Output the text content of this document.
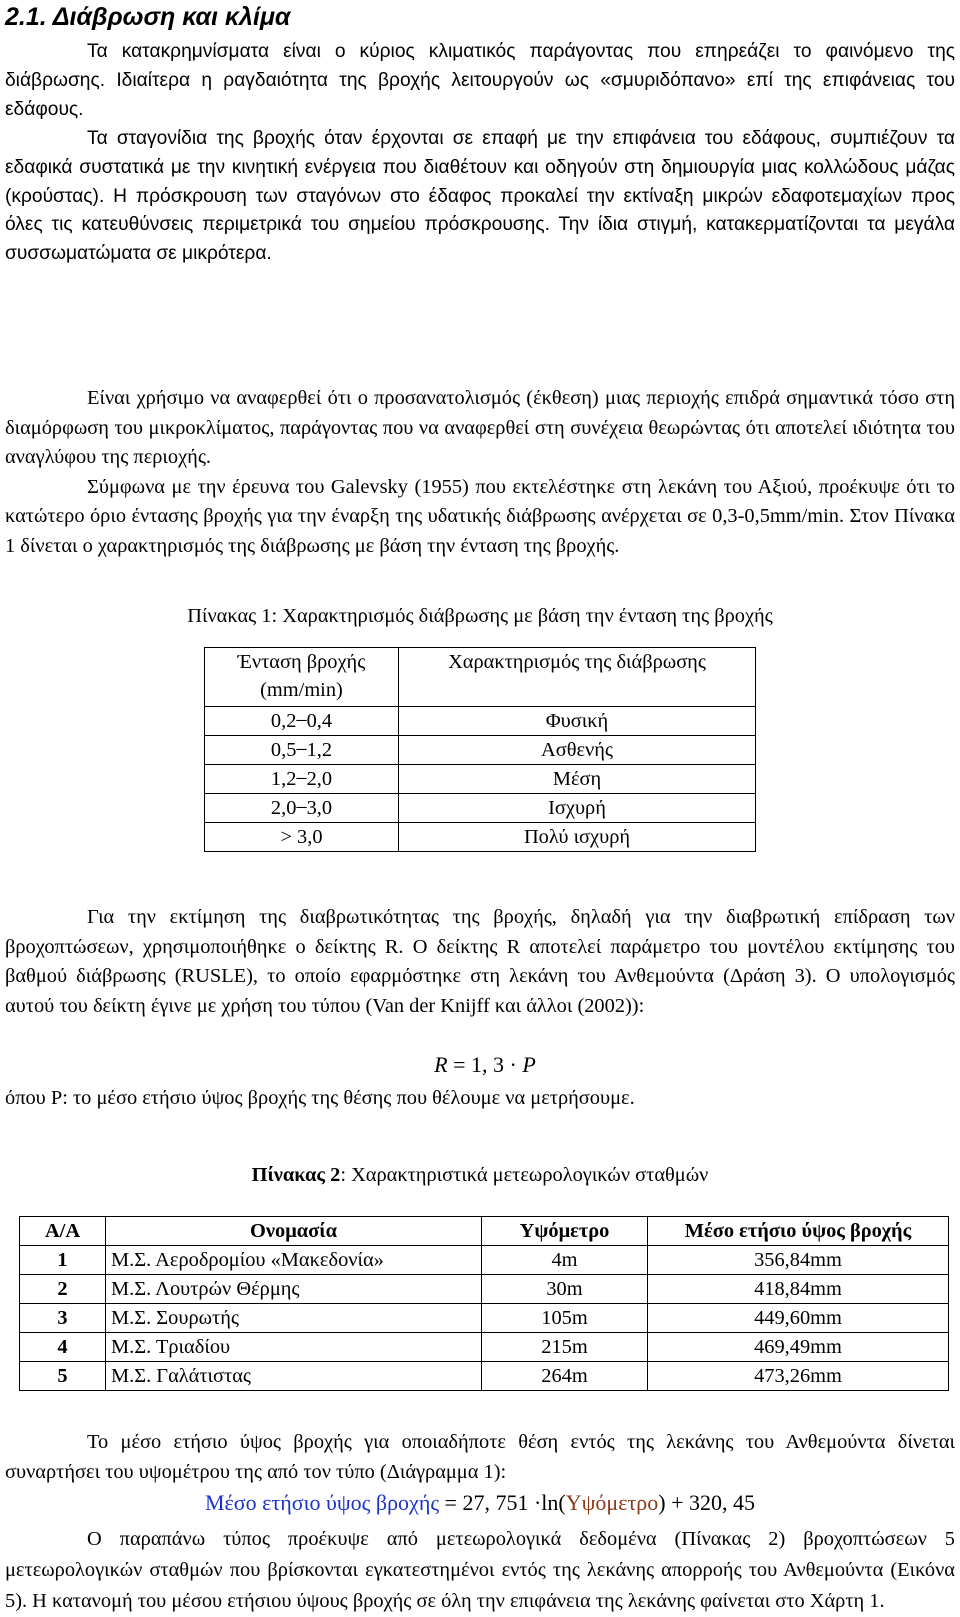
2.1. Διάβρωση και κλίμα

Τα κατακρημνίσματα είναι ο κύριος κλιματικός παράγοντας που επηρεάζει το φαινόμενο της διάβρωσης. Ιδιαίτερα η ραγδαιότητα της βροχής λειτουργούν ως «σμυριδόπανο» επί της επιφάνειας του εδάφους.

Τα σταγονίδια της βροχής όταν έρχονται σε επαφή με την επιφάνεια του εδάφους, συμπιέζουν τα εδαφικά συστατικά με την κινητική ενέργεια που διαθέτουν και οδηγούν στη δημιουργία μιας κολλώδους μάζας (κρούστας). Η πρόσκρουση των σταγόνων στο έδαφος προκαλεί την εκτίναξη μικρών εδαφοτεμαχίων προς όλες τις κατευθύνσεις περιμετρικά του σημείου πρόσκρουσης. Την ίδια στιγμή, κατακερματίζονται τα μεγάλα συσσωματώματα σε μικρότερα.

Είναι χρήσιμο να αναφερθεί ότι ο προσανατολισμός (έκθεση) μιας περιοχής επιδρά σημαντικά τόσο στη διαμόρφωση του μικροκλίματος, παράγοντας που να αναφερθεί στη συνέχεια θεωρώντας ότι αποτελεί ιδιότητα του αναγλύφου της περιοχής.

Σύμφωνα με την έρευνα του Galevsky (1955) που εκτελέστηκε στη λεκάνη του Αξιού, προέκυψε ότι το κατώτερο όριο έντασης βροχής για την έναρξη της υδατικής διάβρωσης ανέρχεται σε 0,3-0,5mm/min. Στον Πίνακα 1 δίνεται ο χαρακτηρισμός της διάβρωσης με βάση την ένταση της βροχής.

Πίνακας 1: Χαρακτηρισμός διάβρωσης με βάση την ένταση της βροχής
Ένταση βροχής (mm/min)	Χαρακτηρισμός της διάβρωσης
0,2 ̶ 0,4	Φυσική
0,5 ̶ 1,2	Ασθενής
1,2 ̶ 2,0	Μέση
2,0 ̶ 3,0	Ισχυρή
> 3,0	Πολύ ισχυρή

Για την εκτίμηση της διαβρωτικότητας της βροχής, δηλαδή για την διαβρωτική επίδραση των βροχοπτώσεων, χρησιμοποιήθηκε ο δείκτης R. Ο δείκτης R αποτελεί παράμετρο του μοντέλου εκτίμησης του βαθμού διάβρωσης (RUSLE), το οποίο εφαρμόστηκε στη λεκάνη του Ανθεμούντα (Δράση 3). Ο υπολογισμός αυτού του δείκτη έγινε με χρήση του τύπου (Van der Knijff και άλλοι (2002)):

R = 1, 3 · P

όπου P: το μέσο ετήσιο ύψος βροχής της θέσης που θέλουμε να μετρήσουμε.

Πίνακας 2: Χαρακτηριστικά μετεωρολογικών σταθμών
Α/Α	Ονομασία	Υψόμετρο	Μέσο ετήσιο ύψος βροχής
1	Μ.Σ. Αεροδρομίου «Μακεδονία»	4m	356,84mm
2	Μ.Σ. Λουτρών Θέρμης	30m	418,84mm
3	Μ.Σ. Σουρωτής	105m	449,60mm
4	Μ.Σ. Τριαδίου	215m	469,49mm
5	Μ.Σ. Γαλάτιστας	264m	473,26mm

Το μέσο ετήσιο ύψος βροχής για οποιαδήποτε θέση εντός της λεκάνης του Ανθεμούντα δίνεται συναρτήσει του υψομέτρου της από τον τύπο (Διάγραμμα 1):

Μέσο ετήσιο ύψος βροχής = 27, 751 ·ln(Υψόμετρο) + 320, 45

Ο παραπάνω τύπος προέκυψε από μετεωρολογικά δεδομένα (Πίνακας 2) βροχοπτώσεων 5 μετεωρολογικών σταθμών που βρίσκονται εγκατεστημένοι εντός της λεκάνης απορροής του Ανθεμούντα (Εικόνα 5). Η κατανομή του μέσου ετήσιου ύψους βροχής σε όλη την επιφάνεια της λεκάνης φαίνεται στο Χάρτη 1.
